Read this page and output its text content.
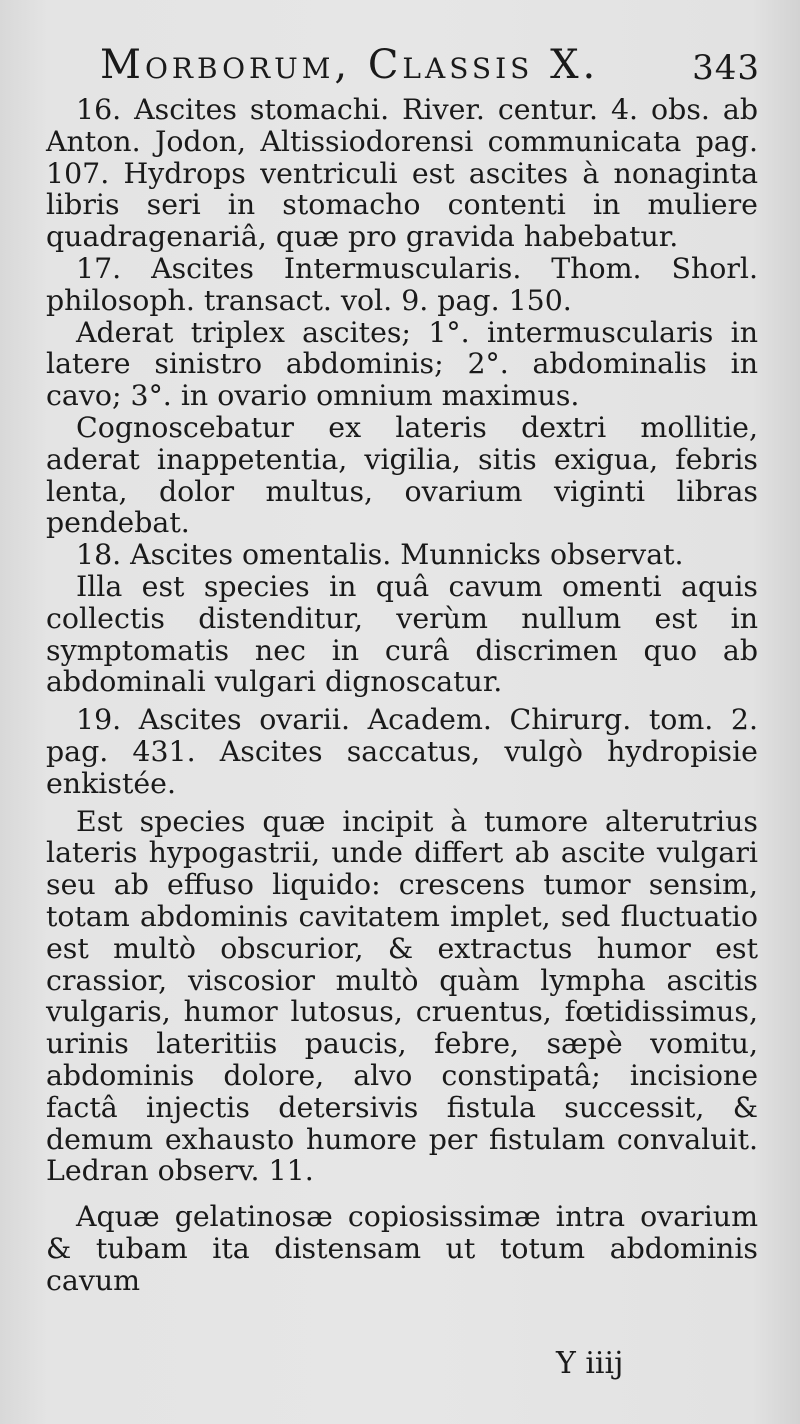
Morborum, Classis X.	343

16. Ascites stomachi. River. centur. 4. obs. ab Anton. Jodon, Altissiodorensi communicata pag. 107. Hydrops ventriculi est ascites à nonaginta libris seri in stomacho contenti in muliere quadragenariâ, quæ pro gravida habebatur.

17. Ascites Intermuscularis. Thom. Shorl. philosoph. transact. vol. 9. pag. 150.

Aderat triplex ascites; 1°. intermuscularis in latere sinistro abdominis; 2°. abdominalis in cavo; 3°. in ovario omnium maximus.

Cognoscebatur ex lateris dextri mollitie, aderat inappetentia, vigilia, sitis exigua, febris lenta, dolor multus, ovarium viginti libras pendebat.

18. Ascites omentalis. Munnicks observat.

Illa est species in quâ cavum omenti aquis collectis distenditur, verùm nullum est in symptomatis nec in curâ discrimen quo ab abdominali vulgari dignoscatur.

19. Ascites ovarii. Academ. Chirurg. tom. 2. pag. 431. Ascites saccatus, vulgò hydropisie enkistée.

Est species quæ incipit à tumore alterutrius lateris hypogastrii, unde differt ab ascite vulgari seu ab effuso liquido: crescens tumor sensim, totam abdominis cavitatem implet, sed fluctuatio est multò obscurior, & extractus humor est crassior, viscosior multò quàm lympha ascitis vulgaris, humor lutosus, cruentus, fœtidissimus, urinis lateritiis paucis, febre, sæpè vomitu, abdominis dolore, alvo constipatâ; incisione factâ injectis detersivis fistula successit, & demum exhausto humore per fistulam convaluit. Ledran observ. 11.

Aquæ gelatinosæ copiosissimæ intra ovarium & tubam ita distensam ut totum abdominis cavum

Y iiij
